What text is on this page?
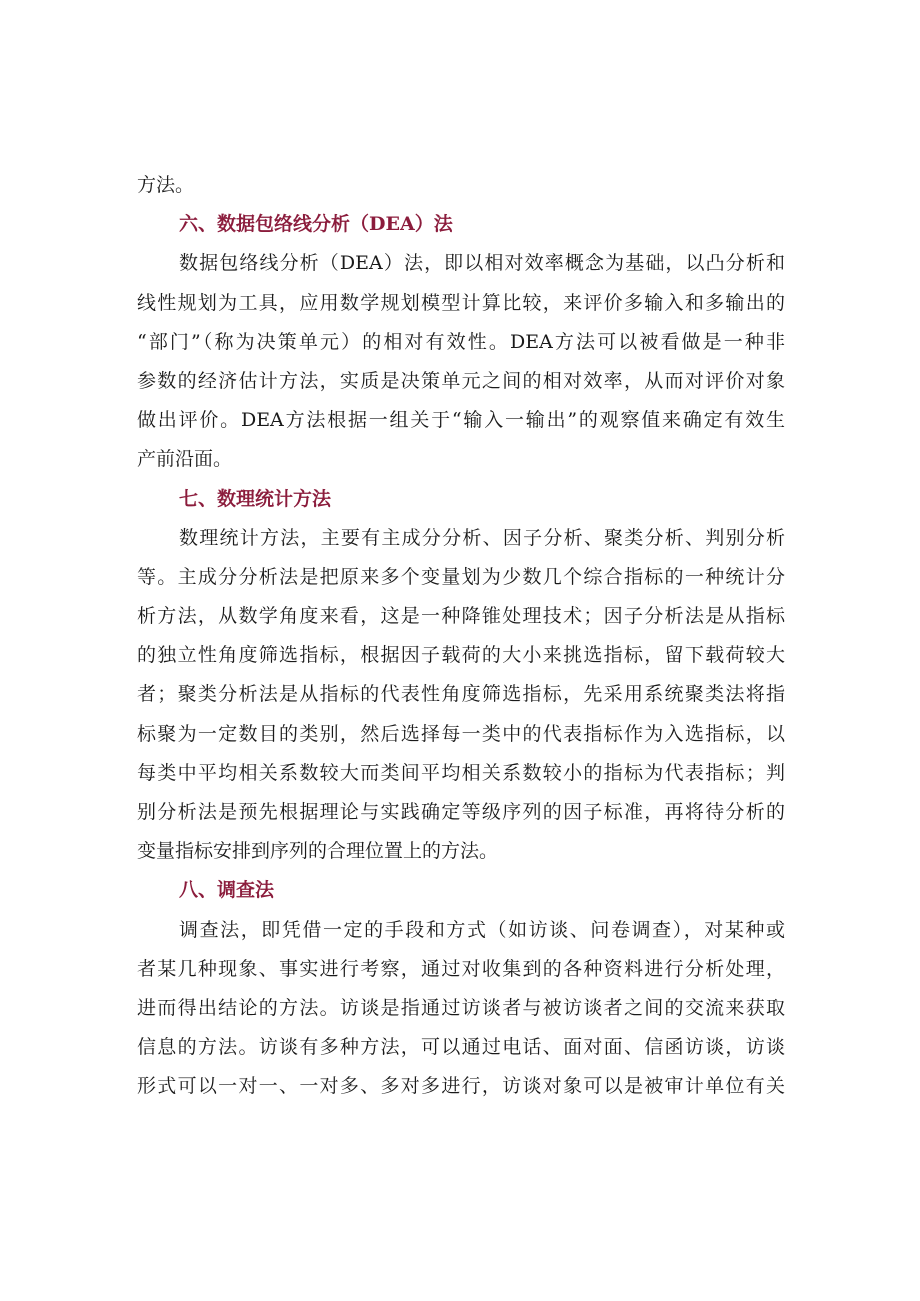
方法。
六、数据包络线分析（DEA）法
数据包络线分析（DEA）法，即以相对效率概念为基础，以凸分析和
线性规划为工具，应用数学规划模型计算比较，来评价多输入和多输出的
“部门”（称为决策单元）的相对有效性。DEA方法可以被看做是一种非
参数的经济估计方法，实质是决策单元之间的相对效率，从而对评价对象
做出评价。DEA方法根据一组关于“输入一输出”的观察值来确定有效生
产前沿面。
七、数理统计方法
数理统计方法，主要有主成分分析、因子分析、聚类分析、判别分析
等。主成分分析法是把原来多个变量划为少数几个综合指标的一种统计分
析方法，从数学角度来看，这是一种降锥处理技术；因子分析法是从指标
的独立性角度筛选指标，根据因子载荷的大小来挑选指标，留下载荷较大
者；聚类分析法是从指标的代表性角度筛选指标，先采用系统聚类法将指
标聚为一定数目的类别，然后选择每一类中的代表指标作为入选指标，以
每类中平均相关系数较大而类间平均相关系数较小的指标为代表指标；判
别分析法是预先根据理论与实践确定等级序列的因子标准，再将待分析的
变量指标安排到序列的合理位置上的方法。
八、调查法
调查法，即凭借一定的手段和方式（如访谈、问卷调查），对某种或
者某几种现象、事实进行考察，通过对收集到的各种资料进行分析处理，
进而得出结论的方法。访谈是指通过访谈者与被访谈者之间的交流来获取
信息的方法。访谈有多种方法，可以通过电话、面对面、信函访谈，访谈
形式可以一对一、一对多、多对多进行，访谈对象可以是被审计单位有关
